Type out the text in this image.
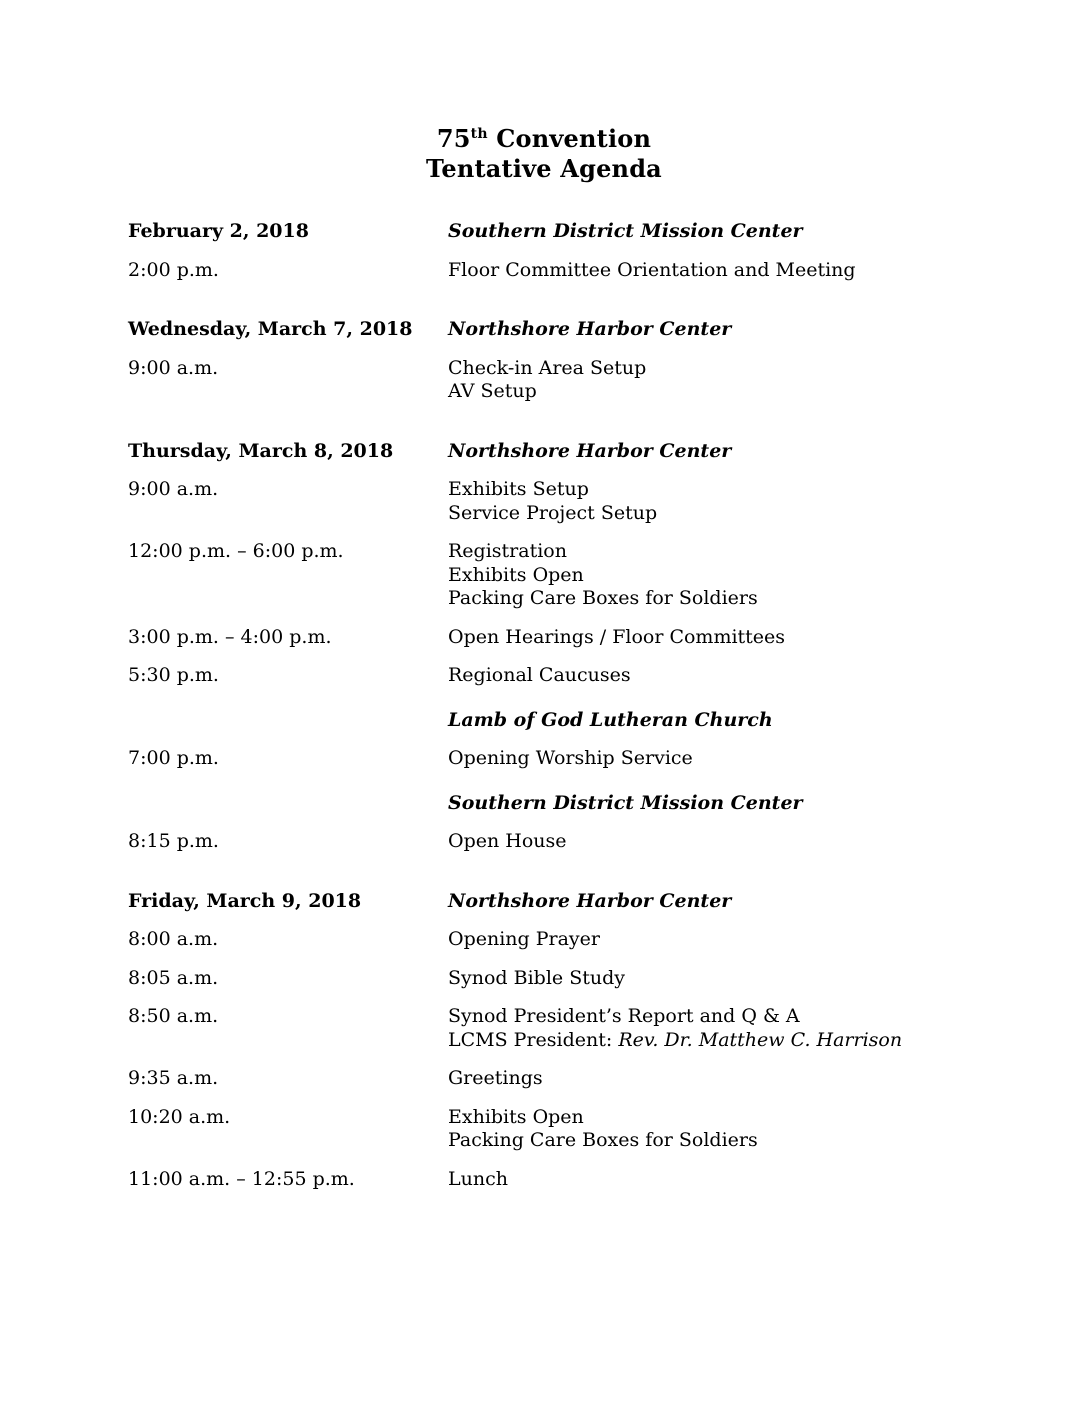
75th Convention
Tentative Agenda
February 2, 2018	Southern District Mission Center
2:00 p.m.	Floor Committee Orientation and Meeting
Wednesday, March 7, 2018	Northshore Harbor Center
9:00 a.m.	Check-in Area Setup
AV Setup
Thursday, March 8, 2018	Northshore Harbor Center
9:00 a.m.	Exhibits Setup
Service Project Setup
12:00 p.m. – 6:00 p.m.	Registration
Exhibits Open
Packing Care Boxes for Soldiers
3:00 p.m. – 4:00 p.m.	Open Hearings / Floor Committees
5:30 p.m.	Regional Caucuses
Lamb of God Lutheran Church
7:00 p.m.	Opening Worship Service
Southern District Mission Center
8:15 p.m.	Open House
Friday, March 9, 2018	Northshore Harbor Center
8:00 a.m.	Opening Prayer
8:05 a.m.	Synod Bible Study
8:50 a.m.	Synod President’s Report and Q & A
LCMS President: Rev. Dr. Matthew C. Harrison
9:35 a.m.	Greetings
10:20 a.m.	Exhibits Open
Packing Care Boxes for Soldiers
11:00 a.m. – 12:55 p.m.	Lunch
